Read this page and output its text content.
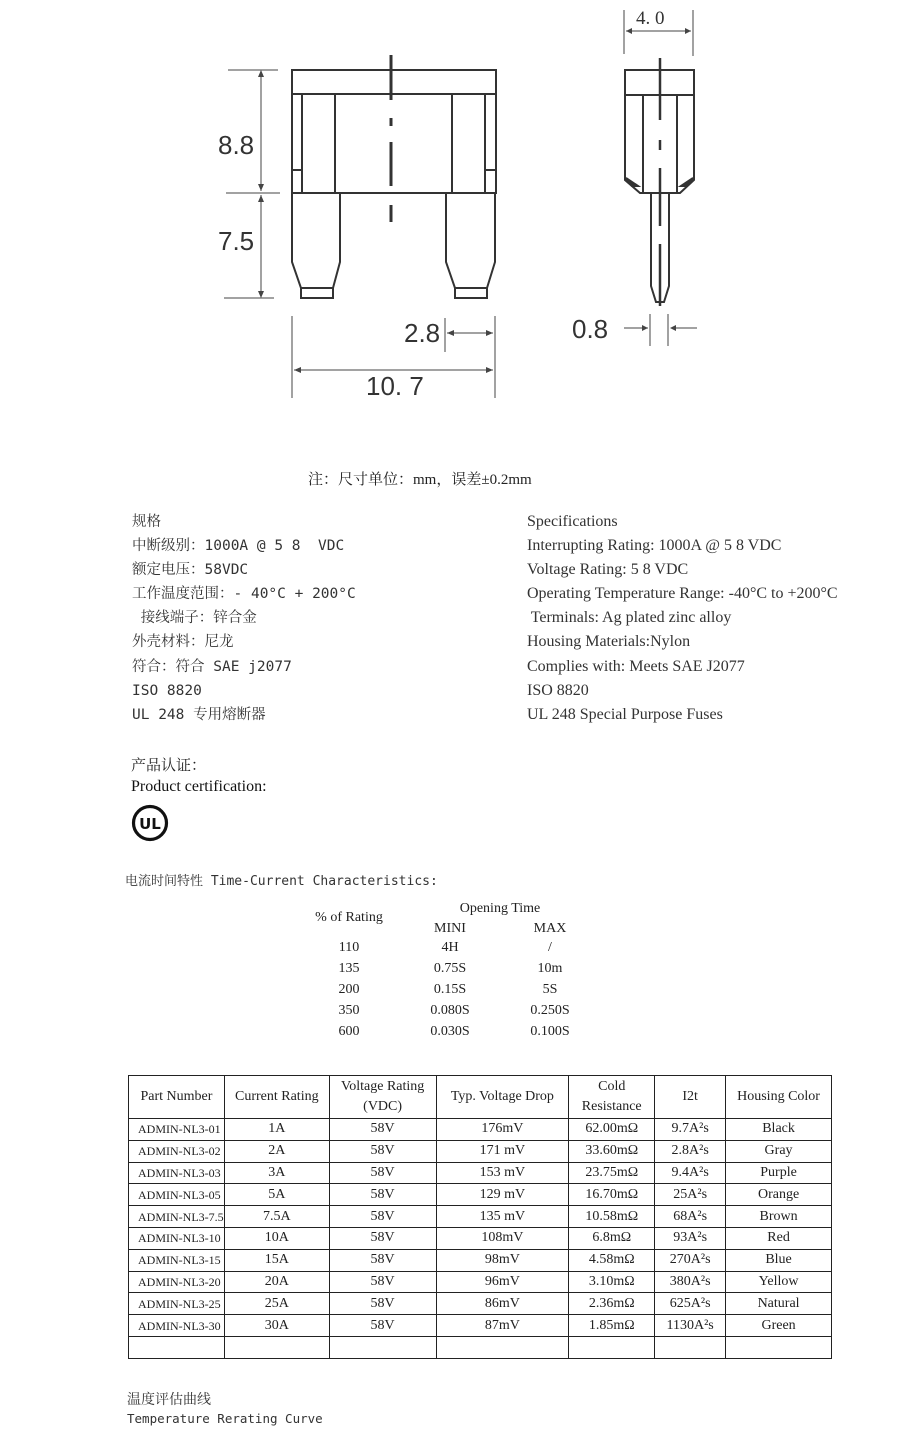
8.8
7.5
2.8
10. 7
4. 0
0.8
注：尺寸单位：mm，误差±0.2mm
规格
中断级别：1000A @ 5 8  VDC
额定电压：58VDC
工作温度范围：- 40°C + 200°C
接线端子：锌合金
外壳材料：尼龙
符合：符合 SAE j2077
ISO 8820
UL 248 专用熔断器
Specifications
Interrupting Rating: 1000A @ 5 8 VDC
Voltage Rating: 5 8 VDC
Operating Temperature Range: -40°C to +200°C
Terminals: Ag plated zinc alloy
Housing Materials:Nylon
Complies with: Meets SAE J2077
ISO 8820
UL 248 Special Purpose Fuses
产品认证：
Product certification:
UL
电流时间特性 Time-Current Characteristics:
% of Rating
Opening Time
MINI	MAX
110	4H	/
135	0.75S	10m
200	0.15S	5S
350	0.080S	0.250S
600	0.030S	0.100S
Part Number	Current Rating	Voltage Rating (VDC)	Typ. Voltage Drop	Cold Resistance	I2t	Housing Color
ADMIN-NL3-01	1A	58V	176mV	62.00mΩ	9.7A²s	Black
ADMIN-NL3-02	2A	58V	171 mV	33.60mΩ	2.8A²s	Gray
ADMIN-NL3-03	3A	58V	153 mV	23.75mΩ	9.4A²s	Purple
ADMIN-NL3-05	5A	58V	129 mV	16.70mΩ	25A²s	Orange
ADMIN-NL3-7.5	7.5A	58V	135 mV	10.58mΩ	68A²s	Brown
ADMIN-NL3-10	10A	58V	108mV	6.8mΩ	93A²s	Red
ADMIN-NL3-15	15A	58V	98mV	4.58mΩ	270A²s	Blue
ADMIN-NL3-20	20A	58V	96mV	3.10mΩ	380A²s	Yellow
ADMIN-NL3-25	25A	58V	86mV	2.36mΩ	625A²s	Natural
ADMIN-NL3-30	30A	58V	87mV	1.85mΩ	1130A²s	Green

温度评估曲线
Temperature Rerating Curve
